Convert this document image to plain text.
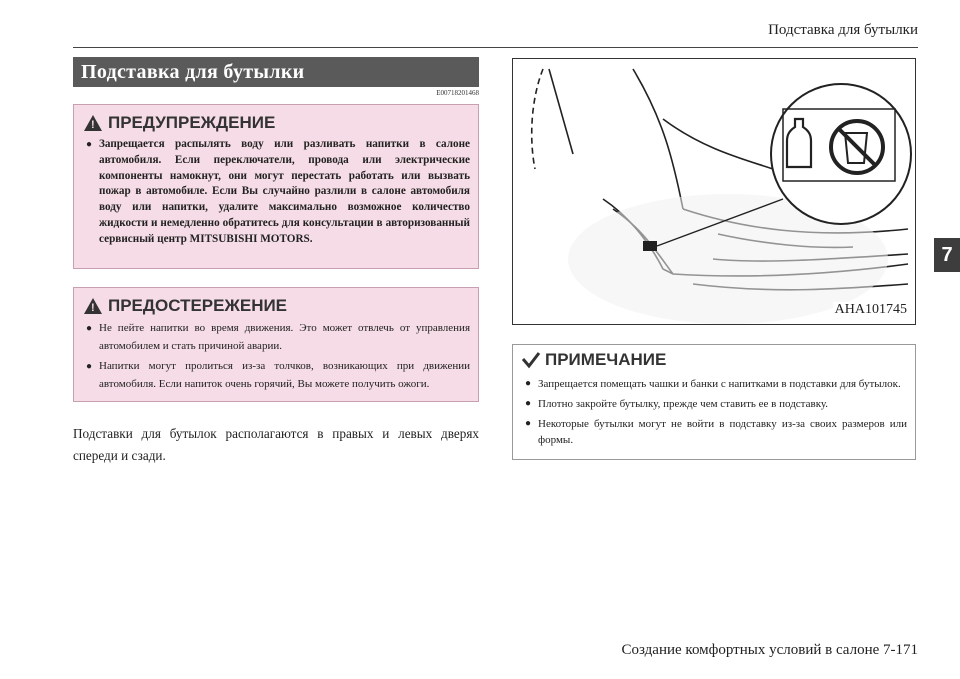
Подставка для бутылки
7
Подставка для бутылки
E00718201468
! ПРЕДУПРЕЖДЕНИЕ
● Запрещается распылять воду или разливать напитки в салоне автомобиля. Если переключатели, провода или электрические компоненты намокнут, они могут перестать работать или вызвать пожар в автомобиле. Если Вы случайно разлили в салоне автомобиля воду или напитки, удалите максимально возможное количество жидкости и немедленно обратитесь для консультации в авторизованный сервисный центр MITSUBISHI MOTORS.
! ПРЕДОСТЕРЕЖЕНИЕ
● Не пейте напитки во время движения. Это может отвлечь от управления автомобилем и стать причиной аварии.
● Напитки могут пролиться из-за толчков, возникающих при движении автомобиля. Если напиток очень горячий, Вы можете получить ожоги.
Подставки для бутылок располагаются в правых и левых дверях спереди и сзади.
AHA101745
ПРИМЕЧАНИЕ
● Запрещается помещать чашки и банки с напитками в подставки для бутылок.
● Плотно закройте бутылку, прежде чем ставить ее в подставку.
● Некоторые бутылки могут не войти в подставку из-за своих размеров или формы.
Создание комфортных условий в салоне 7-171
